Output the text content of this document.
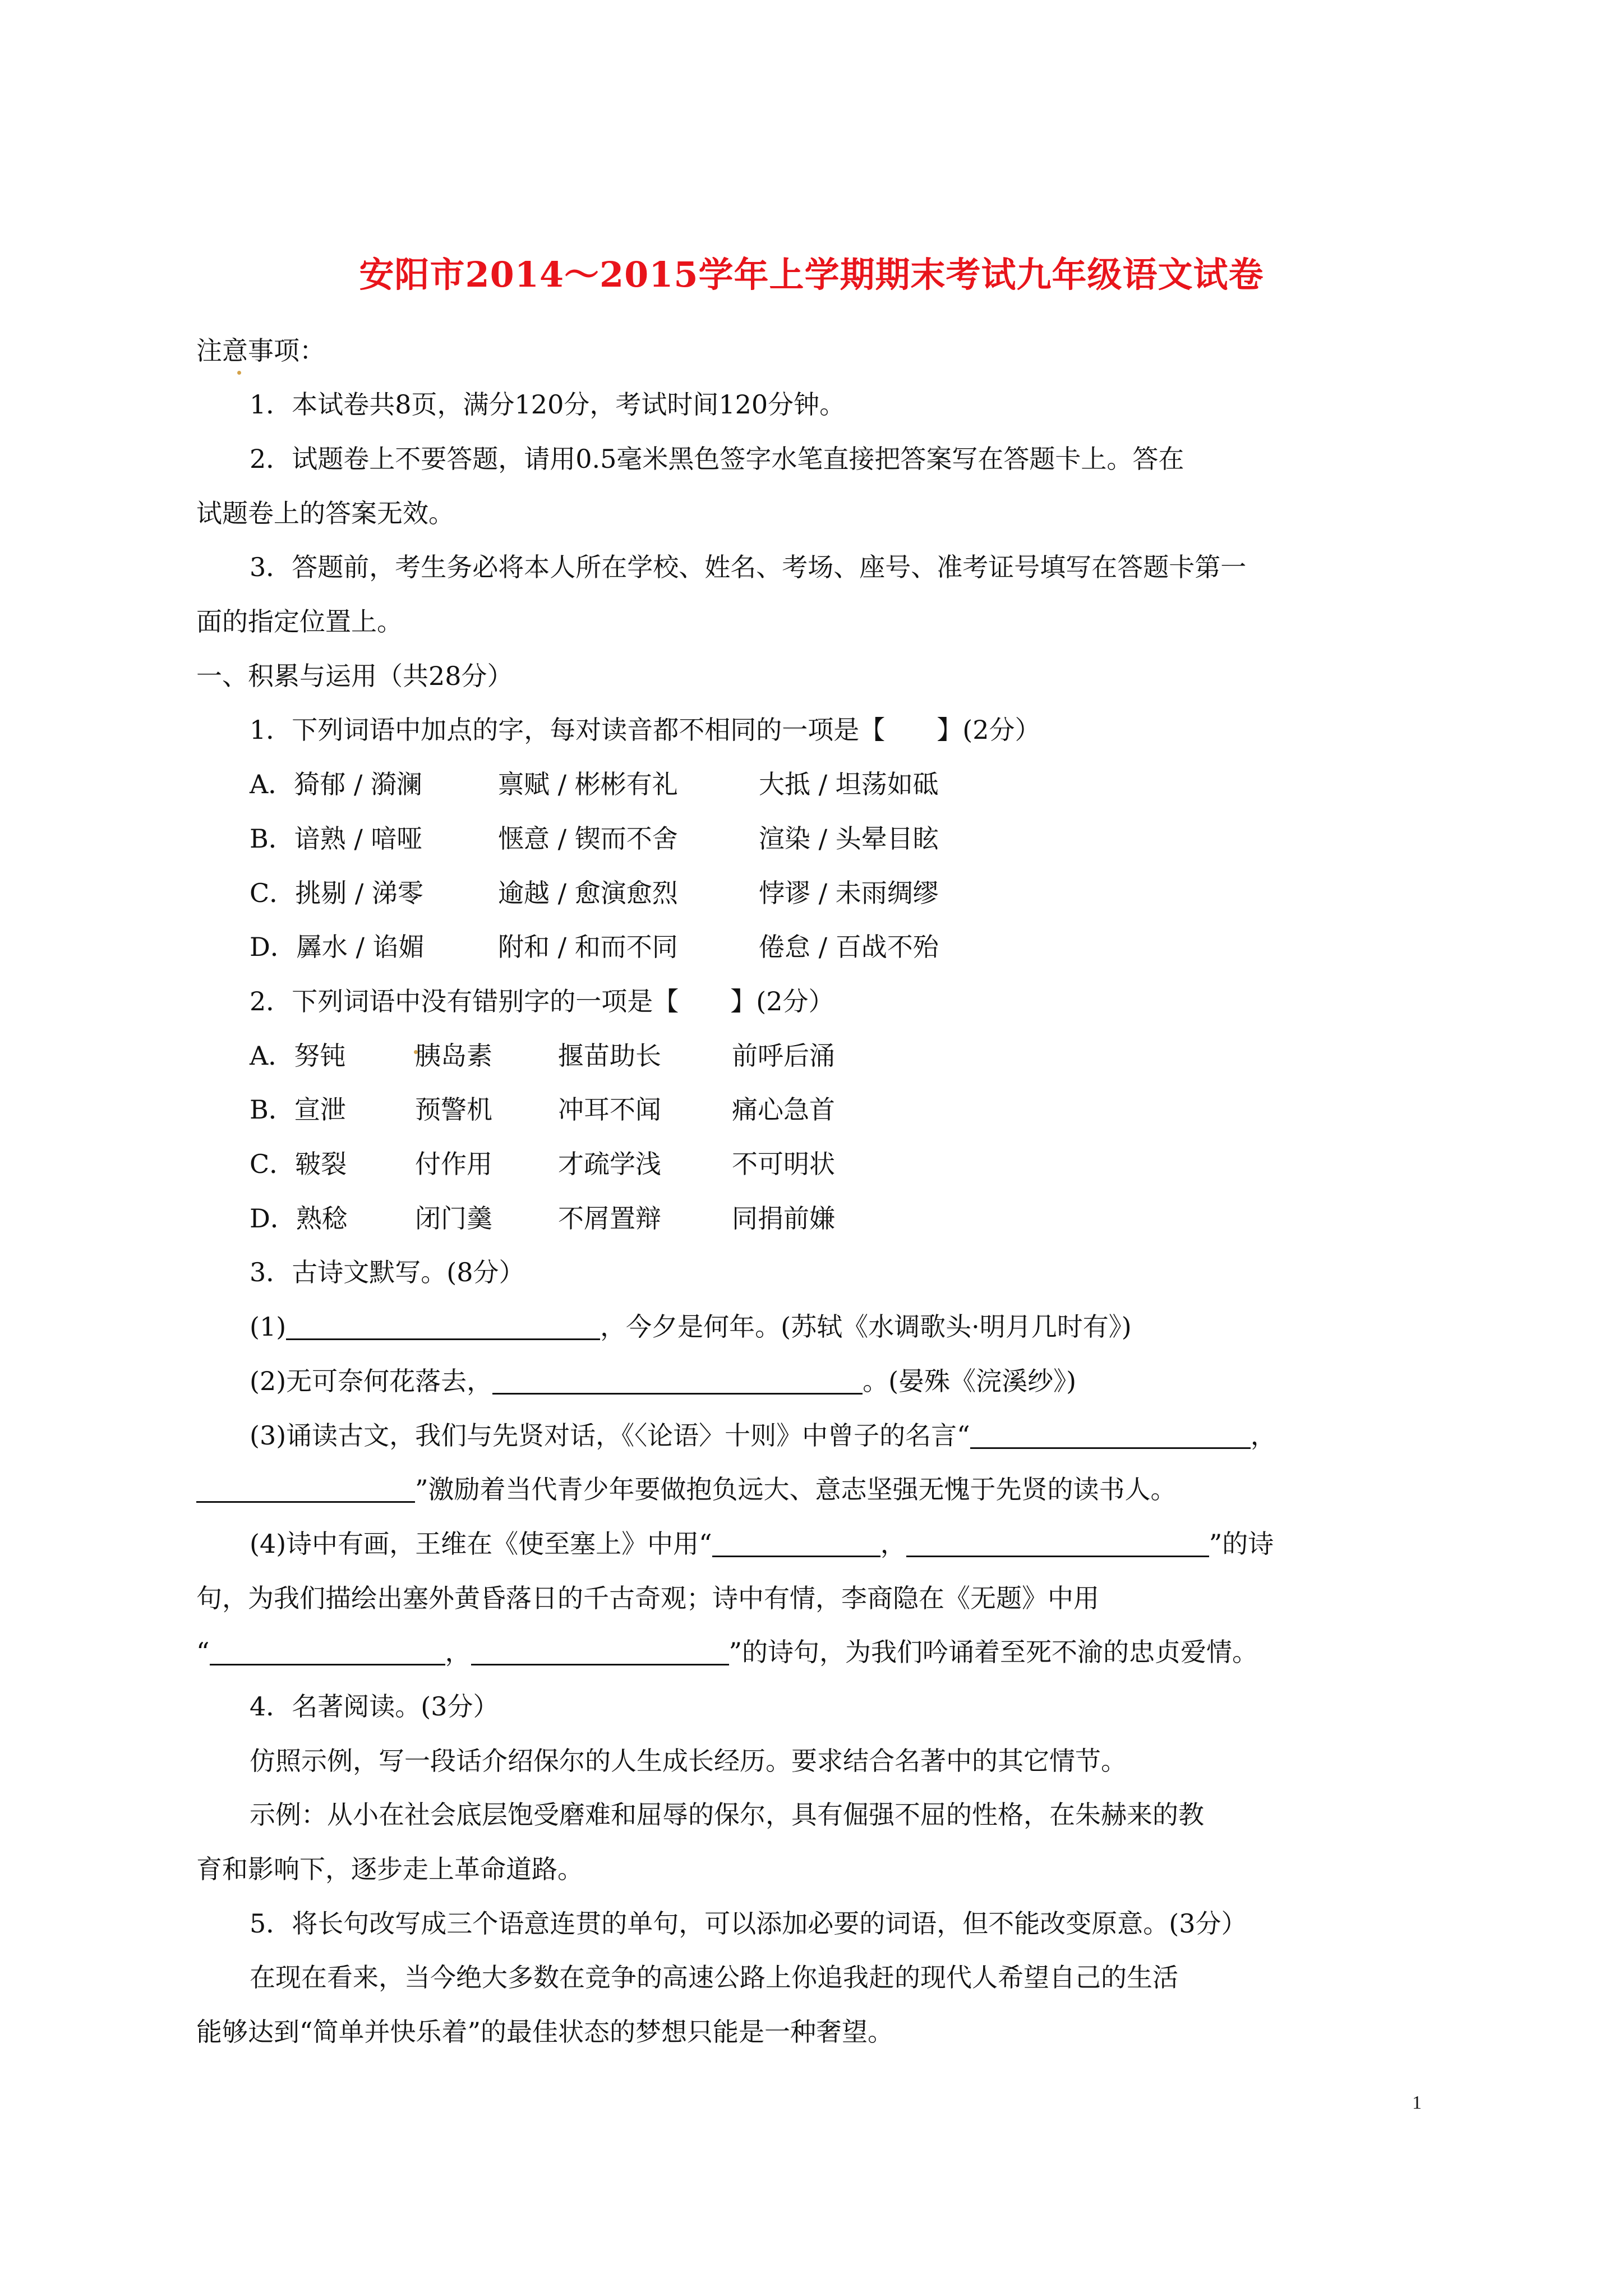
安阳市2014～2015学年上学期期末考试九年级语文试卷
注意事项：
1．本试卷共8页，满分120分，考试时间120分钟。
2．试题卷上不要答题，请用0.5毫米黑色签字水笔直接把答案写在答题卡上。答在
试题卷上的答案无效。
3．答题前，考生务必将本人所在学校、姓名、考场、座号、准考证号填写在答题卡第一
面的指定位置上。
一、积累与运用（共28分）
1．下列词语中加点的字，每对读音都不相同的一项是【　　】(2分）
A．猗郁 / 漪澜	禀赋 / 彬彬有礼	大抵 / 坦荡如砥
B．谙熟 / 喑哑	惬意 / 锲而不舍	渲染 / 头晕目眩
C．挑剔 / 涕零	逾越 / 愈演愈烈	悖谬 / 未雨绸缪
D．羼水 / 谄媚	附和 / 和而不同	倦怠 / 百战不殆
2．下列词语中没有错别字的一项是【　　】(2分）
A．努钝	胰岛素	揠苗助长	前呼后涌
B．宣泄	预警机	冲耳不闻	痛心急首
C．皲裂	付作用	才疏学浅	不可明状
D．熟稔	闭门羹	不屑置辩	同捐前嫌
3．古诗文默写。(8分）
(1)	，今夕是何年。(苏轼《水调歌头·明月几时有》)
(2)无可奈何花落去，	。(晏殊《浣溪纱》)
(3)诵读古文，我们与先贤对话，《〈论语〉十则》中曾子的名言“	，
”激励着当代青少年要做抱负远大、意志坚强无愧于先贤的读书人。
(4)诗中有画，王维在《使至塞上》中用“	，	”的诗
句，为我们描绘出塞外黄昏落日的千古奇观；诗中有情，李商隐在《无题》中用
“	，	”的诗句，为我们吟诵着至死不渝的忠贞爱情。
4．名著阅读。(3分）
仿照示例，写一段话介绍保尔的人生成长经历。要求结合名著中的其它情节。
示例：从小在社会底层饱受磨难和屈辱的保尔，具有倔强不屈的性格，在朱赫来的教
育和影响下，逐步走上革命道路。
5．将长句改写成三个语意连贯的单句，可以添加必要的词语，但不能改变原意。(3分）
在现在看来，当今绝大多数在竞争的高速公路上你追我赶的现代人希望自己的生活
能够达到“简单并快乐着”的最佳状态的梦想只能是一种奢望。
1
